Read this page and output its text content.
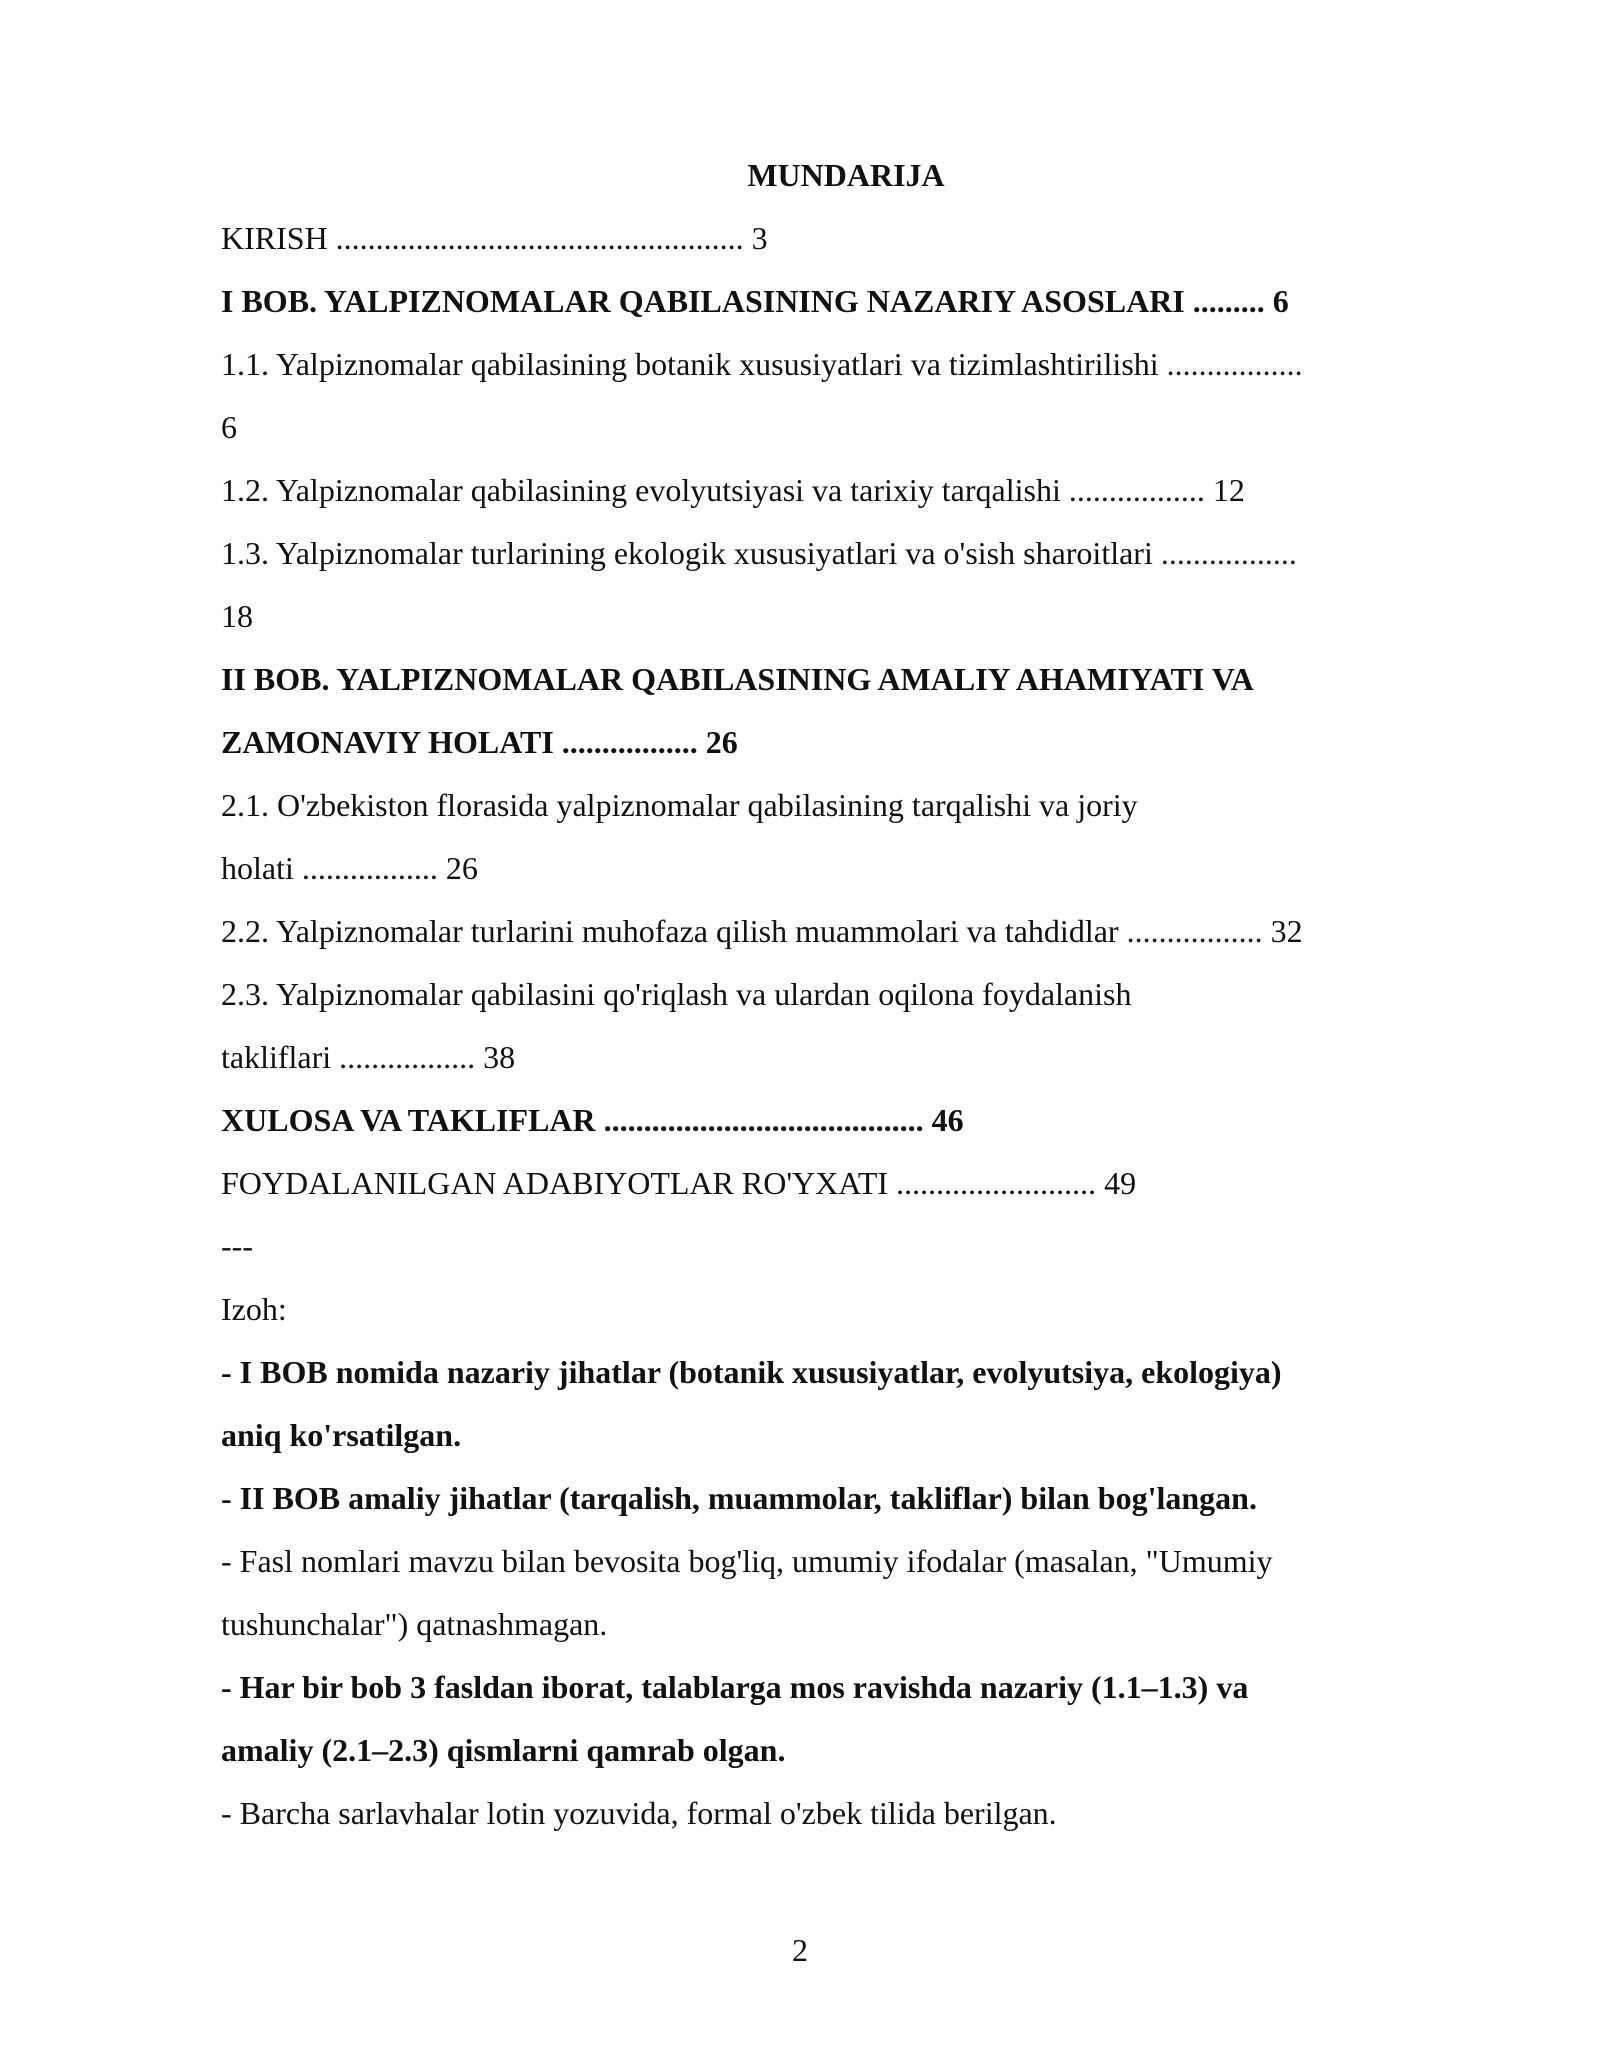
MUNDARIJA

KIRISH ................................................... 3

I BOB. YALPIZNOMALAR QABILASINING NAZARIY ASOSLARI ......... 6

1.1. Yalpiznomalar qabilasining botanik xususiyatlari va tizimlashtirilishi .................

6

1.2. Yalpiznomalar qabilasining evolyutsiyasi va tarixiy tarqalishi ................. 12

1.3. Yalpiznomalar turlarining ekologik xususiyatlari va o'sish sharoitlari .................

18

II BOB. YALPIZNOMALAR QABILASINING AMALIY AHAMIYATI VA

ZAMONAVIY HOLATI ................. 26

2.1. O'zbekiston florasida yalpiznomalar qabilasining tarqalishi va joriy

holati ................. 26

2.2. Yalpiznomalar turlarini muhofaza qilish muammolari va tahdidlar ................. 32

2.3. Yalpiznomalar qabilasini qo'riqlash va ulardan oqilona foydalanish

takliflari ................. 38

XULOSA VA TAKLIFLAR ........................................ 46

FOYDALANILGAN ADABIYOTLAR RO'YXATI ......................... 49

---

Izoh:

- I BOB nomida nazariy jihatlar (botanik xususiyatlar, evolyutsiya, ekologiya)

aniq ko'rsatilgan.

- II BOB amaliy jihatlar (tarqalish, muammolar, takliflar) bilan bog'langan.

- Fasl nomlari mavzu bilan bevosita bog'liq, umumiy ifodalar (masalan, "Umumiy

tushunchalar") qatnashmagan.

- Har bir bob 3 fasldan iborat, talablarga mos ravishda nazariy (1.1–1.3) va

amaliy (2.1–2.3) qismlarni qamrab olgan.

- Barcha sarlavhalar lotin yozuvida, formal o'zbek tilida berilgan.

2
